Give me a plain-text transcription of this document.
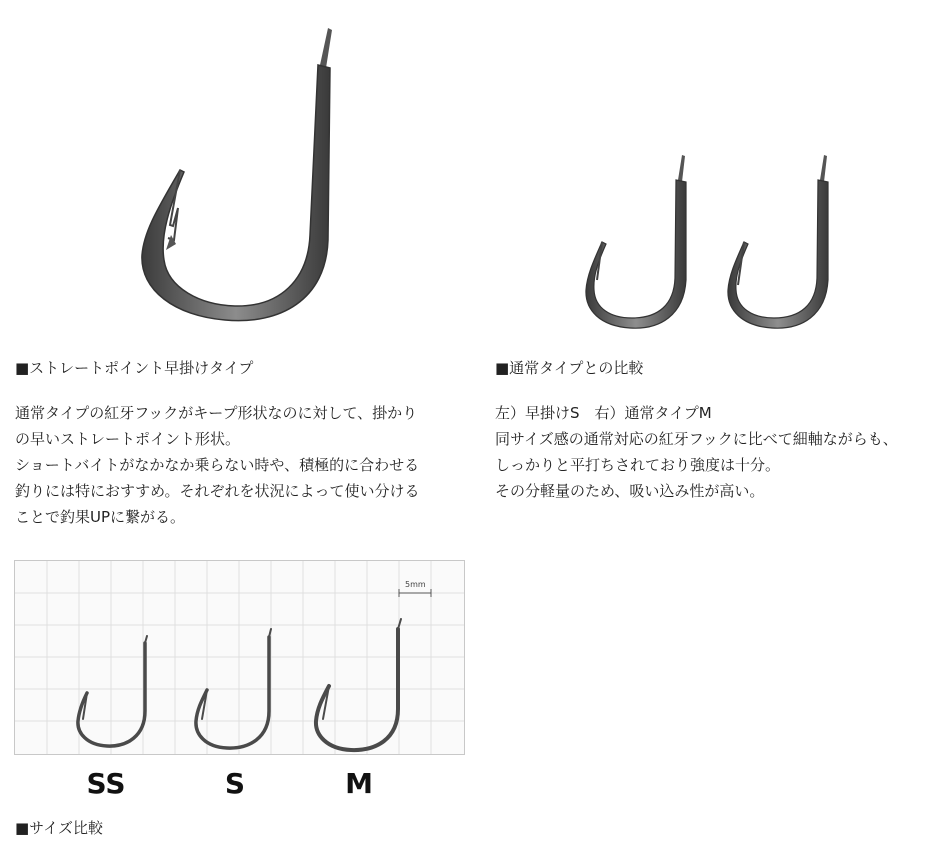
■ストレートポイント早掛けタイプ
通常タイプの紅牙フックがキープ形状なのに対して、掛かり
の早いストレートポイント形状。
ショートバイトがなかなか乗らない時や、積極的に合わせる
釣りには特におすすめ。それぞれを状況によって使い分ける
ことで釣果UPに繋がる。
■通常タイプとの比較
左）早掛けS　右）通常タイプM
同サイズ感の通常対応の紅牙フックに比べて細軸ながらも、
しっかりと平打ちされており強度は十分。
その分軽量のため、吸い込み性が高い。
5mm
SS	S	M
■サイズ比較
